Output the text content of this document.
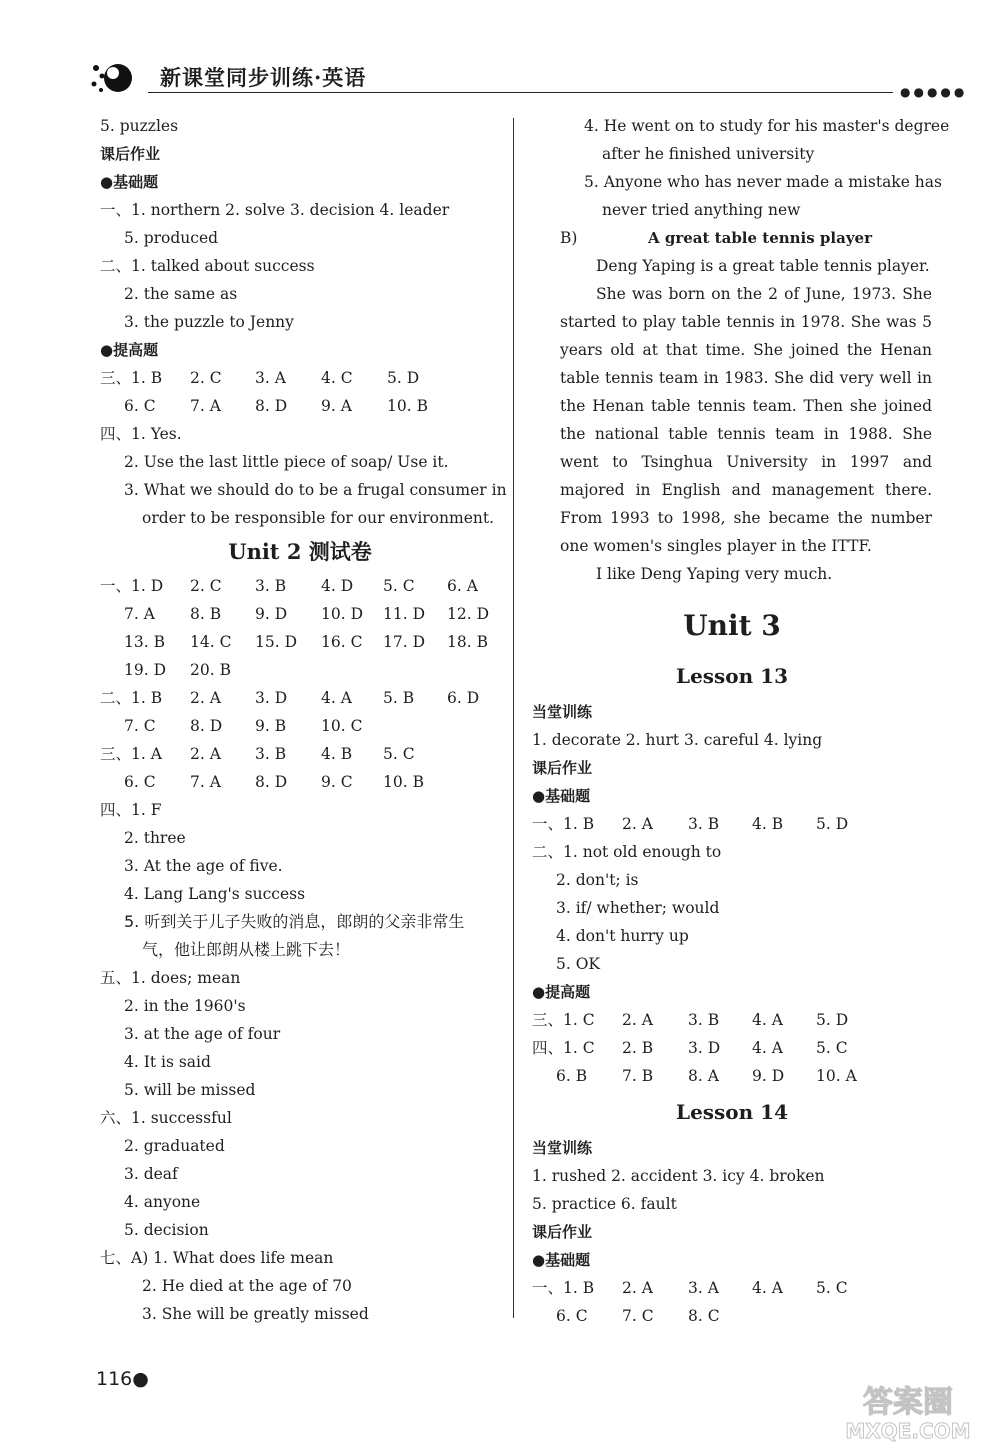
新课堂同步训练·英语
●●●●●
5. puzzles
课后作业
●基础题
一、1. northern 2. solve 3. decision 4. leader
5. produced
二、1. talked about success
2. the same as
3. the puzzle to Jenny
●提高题
三、1. B	2. C	3. A	4. C	5. D
6. C	7. A	8. D	9. A	10. B
四、1. Yes.
2. Use the last little piece of soap/ Use it.
3. What we should do to be a frugal consumer in
order to be responsible for our environment.
Unit 2 测试卷
一、1. D	2. C	3. B	4. D	5. C	6. A
7. A	8. B	9. D	10. D	11. D	12. D
13. B	14. C	15. D	16. C	17. D	18. B
19. D	20. B
二、1. B	2. A	3. D	4. A	5. B	6. D
7. C	8. D	9. B	10. C
三、1. A	2. A	3. B	4. B	5. C
6. C	7. A	8. D	9. C	10. B
四、1. F
2. three
3. At the age of five.
4. Lang Lang's success
5. 听到关于儿子失败的消息，郎朗的父亲非常生
气，他让郎朗从楼上跳下去！
五、1. does; mean
2. in the 1960's
3. at the age of four
4. It is said
5. will be missed
六、1. successful
2. graduated
3. deaf
4. anyone
5. decision
七、A) 1. What does life mean
2. He died at the age of 70
3. She will be greatly missed
4. He went on to study for his master's degree
after he finished university
5. Anyone who has never made a mistake has
never tried anything new
B)	A great table tennis player
Deng Yaping is a great table tennis player.
She was born on the 2 of June, 1973. She started to play table tennis in 1978. She was 5 years old at that time. She joined the Henan table tennis team in 1983. She did very well in the Henan table tennis team. Then she joined the national table tennis team in 1988. She went to Tsinghua University in 1997 and majored in English and management there. From 1993 to 1998, she became the number one women's singles player in the ITTF.
I like Deng Yaping very much.
Unit 3
Lesson 13
当堂训练
1. decorate 2. hurt 3. careful 4. lying
课后作业
●基础题
一、1. B	2. A	3. B	4. B	5. D
二、1. not old enough to
2. don't; is
3. if/ whether; would
4. don't hurry up
5. OK
●提高题
三、1. C	2. A	3. B	4. A	5. D
四、1. C	2. B	3. D	4. A	5. C
6. B	7. B	8. A	9. D	10. A
Lesson 14
当堂训练
1. rushed 2. accident 3. icy 4. broken
5. practice 6. fault
课后作业
●基础题
一、1. B	2. A	3. A	4. A	5. C
6. C	7. C	8. C
116●
答案圈
MXQE.COM
